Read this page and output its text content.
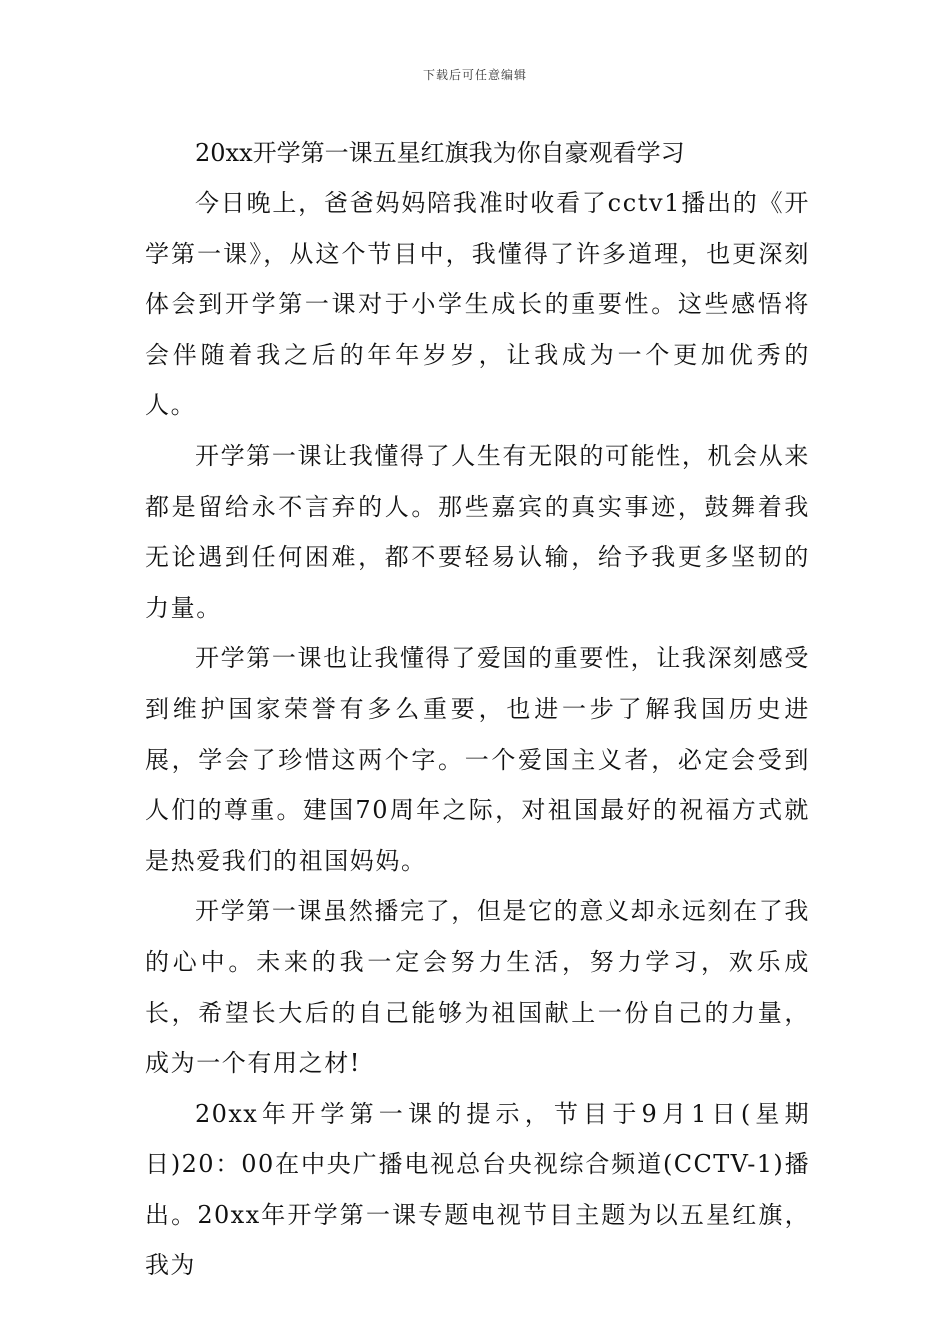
下载后可任意编辑
20xx开学第一课五星红旗我为你自豪观看学习

今日晚上，爸爸妈妈陪我准时收看了cctv1播出的《开学第一课》，从这个节目中，我懂得了许多道理，也更深刻体会到开学第一课对于小学生成长的重要性。这些感悟将会伴随着我之后的年年岁岁，让我成为一个更加优秀的人。

开学第一课让我懂得了人生有无限的可能性，机会从来都是留给永不言弃的人。那些嘉宾的真实事迹，鼓舞着我无论遇到任何困难，都不要轻易认输，给予我更多坚韧的力量。

开学第一课也让我懂得了爱国的重要性，让我深刻感受到维护国家荣誉有多么重要，也进一步了解我国历史进展，学会了珍惜这两个字。一个爱国主义者，必定会受到人们的尊重。建国70周年之际，对祖国最好的祝福方式就是热爱我们的祖国妈妈。

开学第一课虽然播完了，但是它的意义却永远刻在了我的心中。未来的我一定会努力生活，努力学习，欢乐成长，希望长大后的自己能够为祖国献上一份自己的力量，成为一个有用之材!

20xx年开学第一课的提示，节目于9月1日(星期日)20：00在中央广播电视总台央视综合频道(CCTV-1)播出。20xx年开学第一课专题电视节目主题为以五星红旗，我为
